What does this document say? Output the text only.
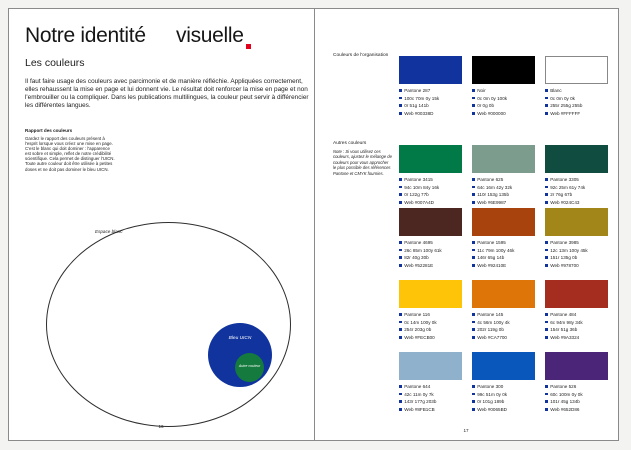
Notre identité visuelle
Les couleurs
Il faut faire usage des couleurs avec parcimonie et de manière réfléchie. Appliquées correctement, elles rehaussent la mise en page et lui donnent vie. Le résultat doit renforcer la mise en page et non l'embrouiller ou la compliquer. Dans les publications multilingues, la couleur peut servir à différencier les différentes langues.
Rapport des couleurs
Gardez le rapport des couleurs présent à l'esprit lorsque vous créez une mise en page. C'est le blanc qui doit dominer : l'apparence est sobre et simple, reflet de notre crédibilité scientifique. Cela permet de distinguer l'UICN. Toute autre couleur doit être utilisée à petites doses et ne doit pas dominer le bleu UICN.
Espace blanc
Bleu UICN
Autre couleur
16
Couleurs de l'organisation
Autres couleurs
Note : Si vous utilisez ces couleurs, ajustez le mélange de couleurs pour vous approcher le plus possible des références Pantone et CMYK fournies.
Pantone 287
100c 70m 0y 15k
0r 51g 141b
Web #00338D
Noir
0c 0m 0y 100k
0r 0g 0b
Web #000000
Blanc
0c 0m 0y 0k
255r 255g 255b
Web #FFFFFF
Pantone 3415
94c 10m 84y 16k
0r 122g 77b
Web #007A4D
Pantone 625
64c 16m 42y 32k
110r 153g 135b
Web #6E9987
Pantone 3305
92c 25m 61y 74k
2r 76g 67b
Web #024C43
Pantone 4695
26c 85m 100y 61k
82r 40g 30b
Web #52281E
Pantone 1595
11c 79m 100y 46k
146r 65g 14b
Web #92410E
Pantone 3985
12c 13m 100y 45k
151r 135g 0b
Web #978700
Pantone 116
0c 14m 100y 0k
254r 203g 0b
Web #FECB00
Pantone 145
4c 56m 100y 4k
202r 119g 0b
Web #CA7700
Pantone 484
6c 94m 98y 34k
154r 51g 36b
Web #9A3324
Pantone 644
42c 11m 0y 7k
143r 177g 203b
Web #8FB1CB
Pantone 300
99c 51m 0y 0k
0r 101g 189b
Web #0065BD
Pantone 526
60c 100m 0y 0k
101r 45g 134b
Web #652D86
17
